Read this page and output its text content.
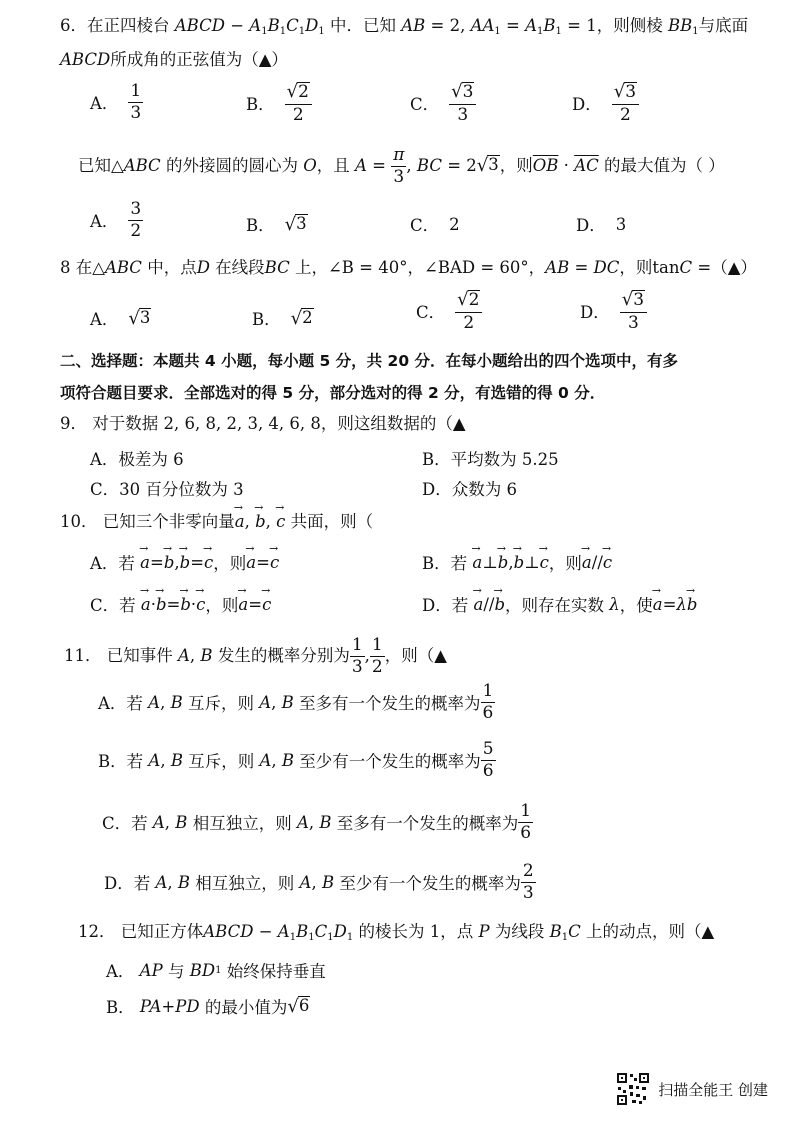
6．在正四棱台 ABCD − $A_1B_1C_1D_1$ 中．已知 AB = 2, $AA_1 = A_1B_1 = 1$，则侧棱 $BB_1$与底面
ABCD所成角的正弦值为（▲）
A． $\frac{1}{3}$	B． $\frac{√ 2}{2}$	C． $\frac{√ 3}{3}$	D． $\frac{√ 3}{2}$
已知△ ABC
的外接圆的圆心为
O ，且
$A = \frac{\pi}{3}$ , BC = 2 √ 3 ，则 $\overline{OB} \cdot \overline{AC}$
的最大值为（ ）
A． $\frac{3}{2}$	B． √ 3	C． 2	D． 3
8 在△ABC 中，点D 在线段BC 上，∠B = 40°，∠BAD = 60°，AB = DC，则tanC =（▲）
A． √ 3	B． √ 2	C． $\frac{√ 2}{2}$	D． $\frac{√ 3}{3}$
二、选择题：本题共 4 小题，每小题 5 分，共 20 分．在每小题给出的四个选项中，有多
项符合题目要求．全部选对的得 5 分，部分选对的得 2 分，有选错的得 0 分．
9． 对于数据 2, 6, 8, 2, 3, 4, 6, 8，则这组数据的（▲
A．极差为 6	B．平均数为 5.25
C．30 百分位数为 3	D．众数为 6
10． 已知三个非零向量→ a, → b, → c 共面，则（
A．若
→ a = → b , → b = → c ，则 → a = → c	B．若
→ a ⊥ → b , → b ⊥ → c ，则 → a // → c
C．若
→ a · → b = → b · → c ，则 → a = → c	D．若
→ a // → b ，则存在实数
λ ，使 → a = λ → b
11．
已知事件
A , B
发生的概率分别为 $\frac{1}{3}$ , $\frac{1}{2}$ ，则（▲
A．若
A , B
互斥，则
A , B
至多有一个发生的概率为 $\frac{1}{6}$
B．若
A , B
互斥，则
A , B
至少有一个发生的概率为 $\frac{5}{6}$
C．若
A , B
相互独立，则
A , B
至多有一个发生的概率为 $\frac{1}{6}$
D．若
A , B
相互独立，则
A , B
至少有一个发生的概率为 $\frac{2}{3}$
12． 已知正方体ABCD − $A_1B_1C_1D_1$ 的棱长为 1，点 P 为线段 $B_1C$ 上的动点，则（▲
A．
AP
与
BD 1
始终保持垂直
B．
PA + PD
的最小值为 √ 6
扫描全能王 创建
